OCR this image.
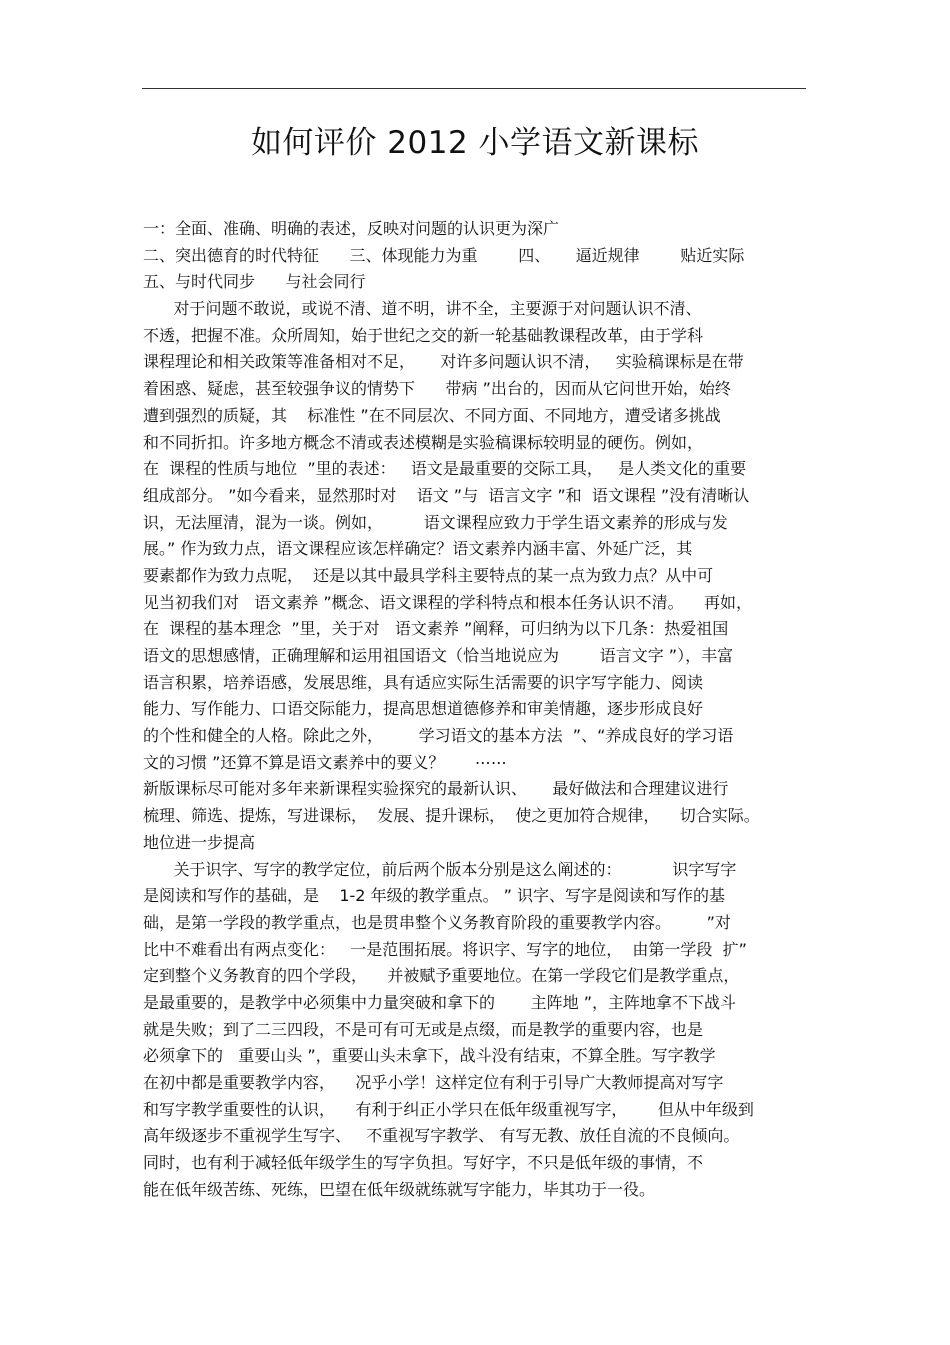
如何评价 2012 小学语文新课标
一：全面、准确、明确的表述，反映对问题的认识更为深广
二、突出德育的时代特征      三、体现能力为重        四、     逼近规律        贴近实际
五、与时代同步      与社会同行
对于问题不敢说，或说不清、道不明，讲不全，主要源于对问题认识不清、
不透，把握不准。众所周知，始于世纪之交的新一轮基础教课程改革，由于学科
课程理论和相关政策等准备相对不足，     对许多问题认识不清，   实验稿课标是在带
着困惑、疑虑，甚至较强争议的情势下      带病 ”出台的，因而从它问世开始，始终
遭到强烈的质疑，其    标准性 ”在不同层次、不同方面、不同地方，遭受诸多挑战
和不同折扣。许多地方概念不清或表述模糊是实验稿课标较明显的硬伤。例如，
在  课程的性质与地位  ”里的表述：   语文是最重要的交际工具，   是人类文化的重要
组成部分。 ”如今看来，显然那时对    语文 ”与  语言文字 ”和  语文课程 ”没有清晰认
识，无法厘清，混为一谈。例如，        语文课程应致力于学生语文素养的形成与发
展。” 作为致力点，语文课程应该怎样确定？语文素养内涵丰富、外延广泛，其
要素都作为致力点呢，  还是以其中最具学科主要特点的某一点为致力点？从中可
见当初我们对   语文素养 ”概念、语文课程的学科特点和根本任务认识不清。    再如，
在  课程的基本理念  ”里，关于对   语文素养 ”阐释，可归纳为以下几条：热爱祖国
语文的思想感情，正确理解和运用祖国语文（恰当地说应为        语言文字 ”），丰富
语言积累，培养语感，发展思维，具有适应实际生活需要的识字写字能力、阅读
能力、写作能力、口语交际能力，提高思想道德修养和审美情趣，逐步形成良好
的个性和健全的人格。除此之外，       学习语文的基本方法  ”、“养成良好的学习语
文的习惯 ”还算不算是语文素养中的要义？      ⋯⋯
新版课标尽可能对多年来新课程实验探究的最新认识、     最好做法和合理建议进行
梳理、筛选、提炼，写进课标，  发展、提升课标，  使之更加符合规律，    切合实际。
地位进一步提高
关于识字、写字的教学定位，前后两个版本分别是这么阐述的：          识字写字
是阅读和写作的基础，是    1-2 年级的教学重点。 ” 识字、写字是阅读和写作的基
础，是第一学段的教学重点，也是贯串整个义务教育阶段的重要教学内容。       ”对
比中不难看出有两点变化：   一是范围拓展。将识字、写字的地位，  由第一学段  扩”
定到整个义务教育的四个学段，    并被赋予重要地位。在第一学段它们是教学重点，
是最重要的，是教学中必须集中力量突破和拿下的       主阵地 ”，主阵地拿不下战斗
就是失败；到了二三四段，不是可有可无或是点缀，而是教学的重要内容，也是
必须拿下的   重要山头 ”，重要山头未拿下，战斗没有结束，不算全胜。写字教学
在初中都是重要教学内容，    况乎小学！这样定位有利于引导广大教师提高对写字
和写字教学重要性的认识，    有利于纠正小学只在低年级重视写字，      但从中年级到
高年级逐步不重视学生写字、   不重视写字教学、 有写无教、放任自流的不良倾向。
同时，也有利于减轻低年级学生的写字负担。写好字，不只是低年级的事情，不
能在低年级苦练、死练，巴望在低年级就练就写字能力，毕其功于一役。
